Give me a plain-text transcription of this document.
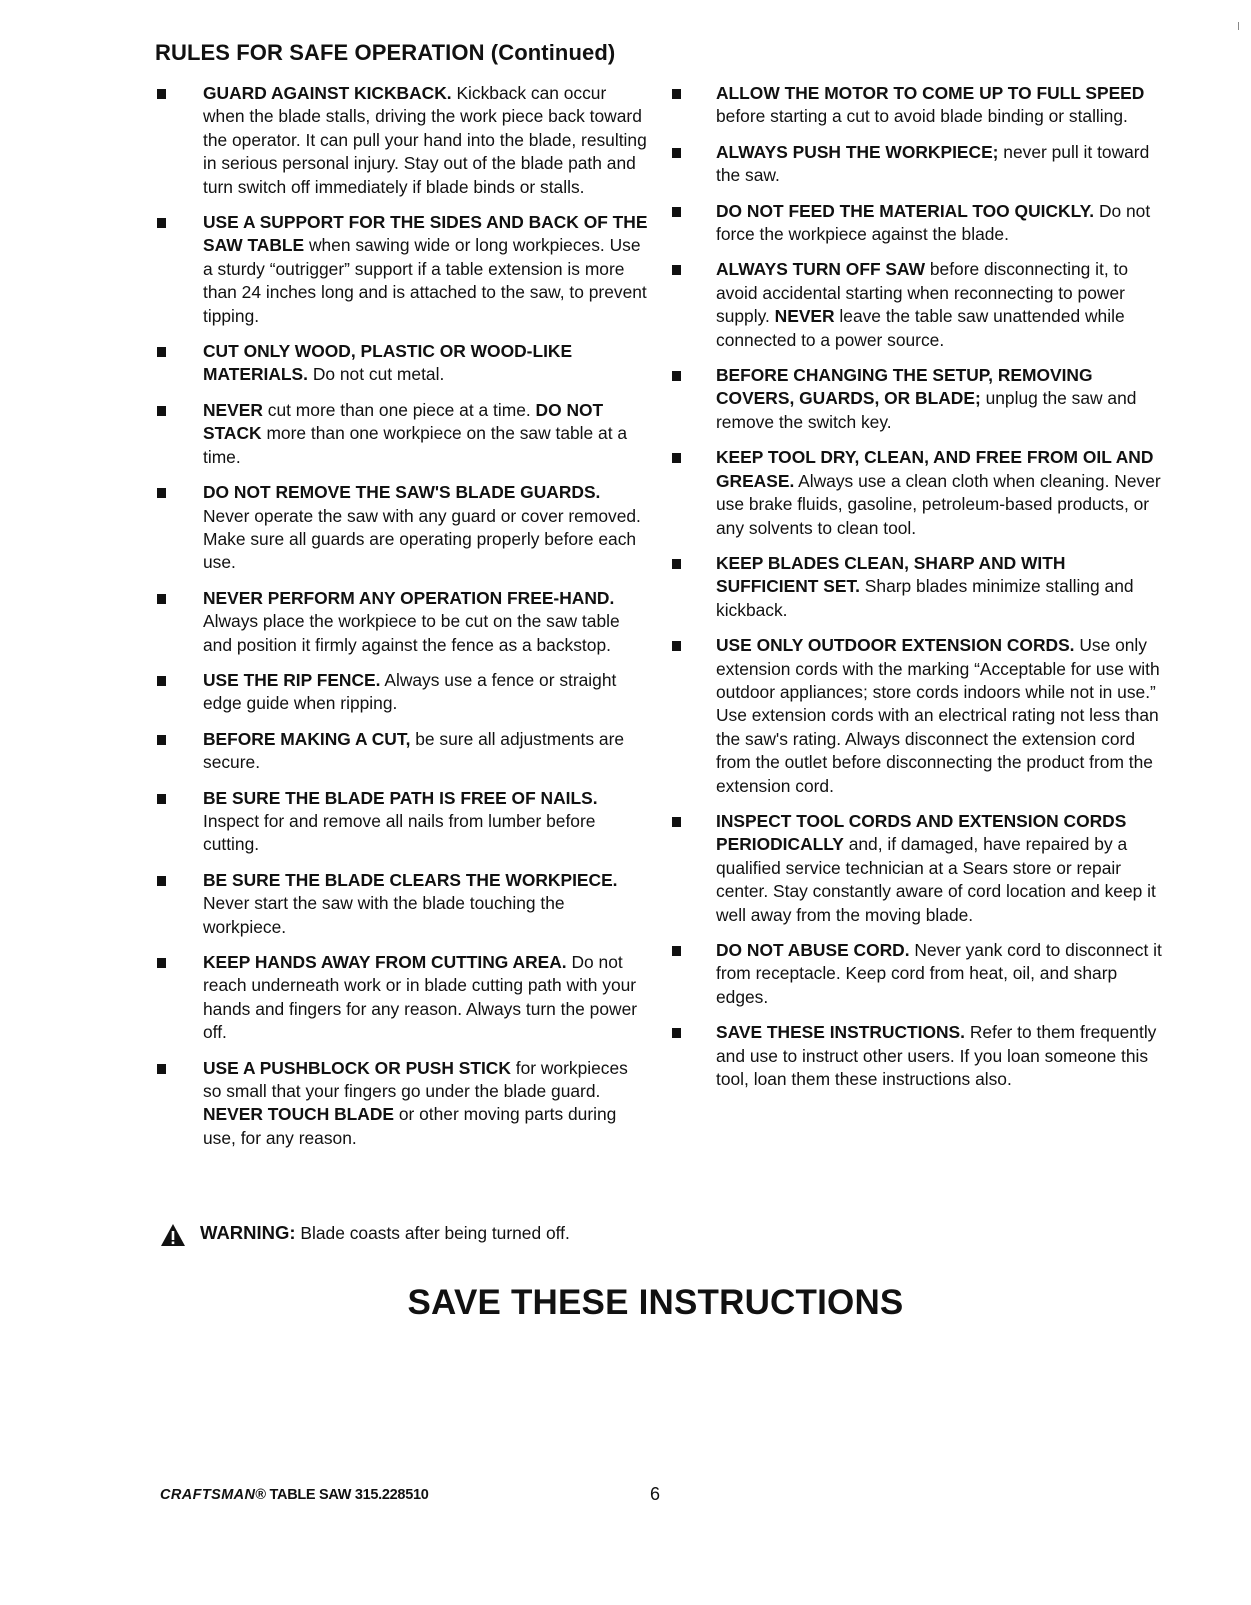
RULES FOR SAFE OPERATION (Continued)
GUARD AGAINST KICKBACK. Kickback can occur when the blade stalls, driving the work piece back toward the operator. It can pull your hand into the blade, resulting in serious personal injury. Stay out of the blade path and turn switch off immediately if blade binds or stalls.
USE A SUPPORT FOR THE SIDES AND BACK OF THE SAW TABLE when sawing wide or long workpieces. Use a sturdy “outrigger” support if a table extension is more than 24 inches long and is attached to the saw, to prevent tipping.
CUT ONLY WOOD, PLASTIC OR WOOD-LIKE MATERIALS. Do not cut metal.
NEVER cut more than one piece at a time. DO NOT STACK more than one workpiece on the saw table at a time.
DO NOT REMOVE THE SAW'S BLADE GUARDS. Never operate the saw with any guard or cover removed. Make sure all guards are operating properly before each use.
NEVER PERFORM ANY OPERATION FREE-HAND. Always place the workpiece to be cut on the saw table and position it firmly against the fence as a backstop.
USE THE RIP FENCE. Always use a fence or straight edge guide when ripping.
BEFORE MAKING A CUT, be sure all adjustments are secure.
BE SURE THE BLADE PATH IS FREE OF NAILS. Inspect for and remove all nails from lumber before cutting.
BE SURE THE BLADE CLEARS THE WORKPIECE. Never start the saw with the blade touching the workpiece.
KEEP HANDS AWAY FROM CUTTING AREA. Do not reach underneath work or in blade cutting path with your hands and fingers for any reason. Always turn the power off.
USE A PUSHBLOCK OR PUSH STICK for workpieces so small that your fingers go under the blade guard. NEVER TOUCH BLADE or other moving parts during use, for any reason.
ALLOW THE MOTOR TO COME UP TO FULL SPEED before starting a cut to avoid blade binding or stalling.
ALWAYS PUSH THE WORKPIECE; never pull it toward the saw.
DO NOT FEED THE MATERIAL TOO QUICKLY. Do not force the workpiece against the blade.
ALWAYS TURN OFF SAW before disconnecting it, to avoid accidental starting when reconnecting to power supply. NEVER leave the table saw unattended while connected to a power source.
BEFORE CHANGING THE SETUP, REMOVING COVERS, GUARDS, OR BLADE; unplug the saw and remove the switch key.
KEEP TOOL DRY, CLEAN, AND FREE FROM OIL AND GREASE. Always use a clean cloth when cleaning. Never use brake fluids, gasoline, petroleum-based products, or any solvents to clean tool.
KEEP BLADES CLEAN, SHARP AND WITH SUFFICIENT SET. Sharp blades minimize stalling and kickback.
USE ONLY OUTDOOR EXTENSION CORDS. Use only extension cords with the marking “Acceptable for use with outdoor appliances; store cords indoors while not in use.” Use extension cords with an electrical rating not less than the saw's rating. Always disconnect the extension cord from the outlet before disconnecting the product from the extension cord.
INSPECT TOOL CORDS AND EXTENSION CORDS PERIODICALLY and, if damaged, have repaired by a qualified service technician at a Sears store or repair center. Stay constantly aware of cord location and keep it well away from the moving blade.
DO NOT ABUSE CORD. Never yank cord to disconnect it from receptacle. Keep cord from heat, oil, and sharp edges.
SAVE THESE INSTRUCTIONS. Refer to them frequently and use to instruct other users. If you loan someone this tool, loan them these instructions also.
WARNING: Blade coasts after being turned off.
SAVE THESE INSTRUCTIONS
CRAFTSMAN® TABLE SAW 315.228510	6
